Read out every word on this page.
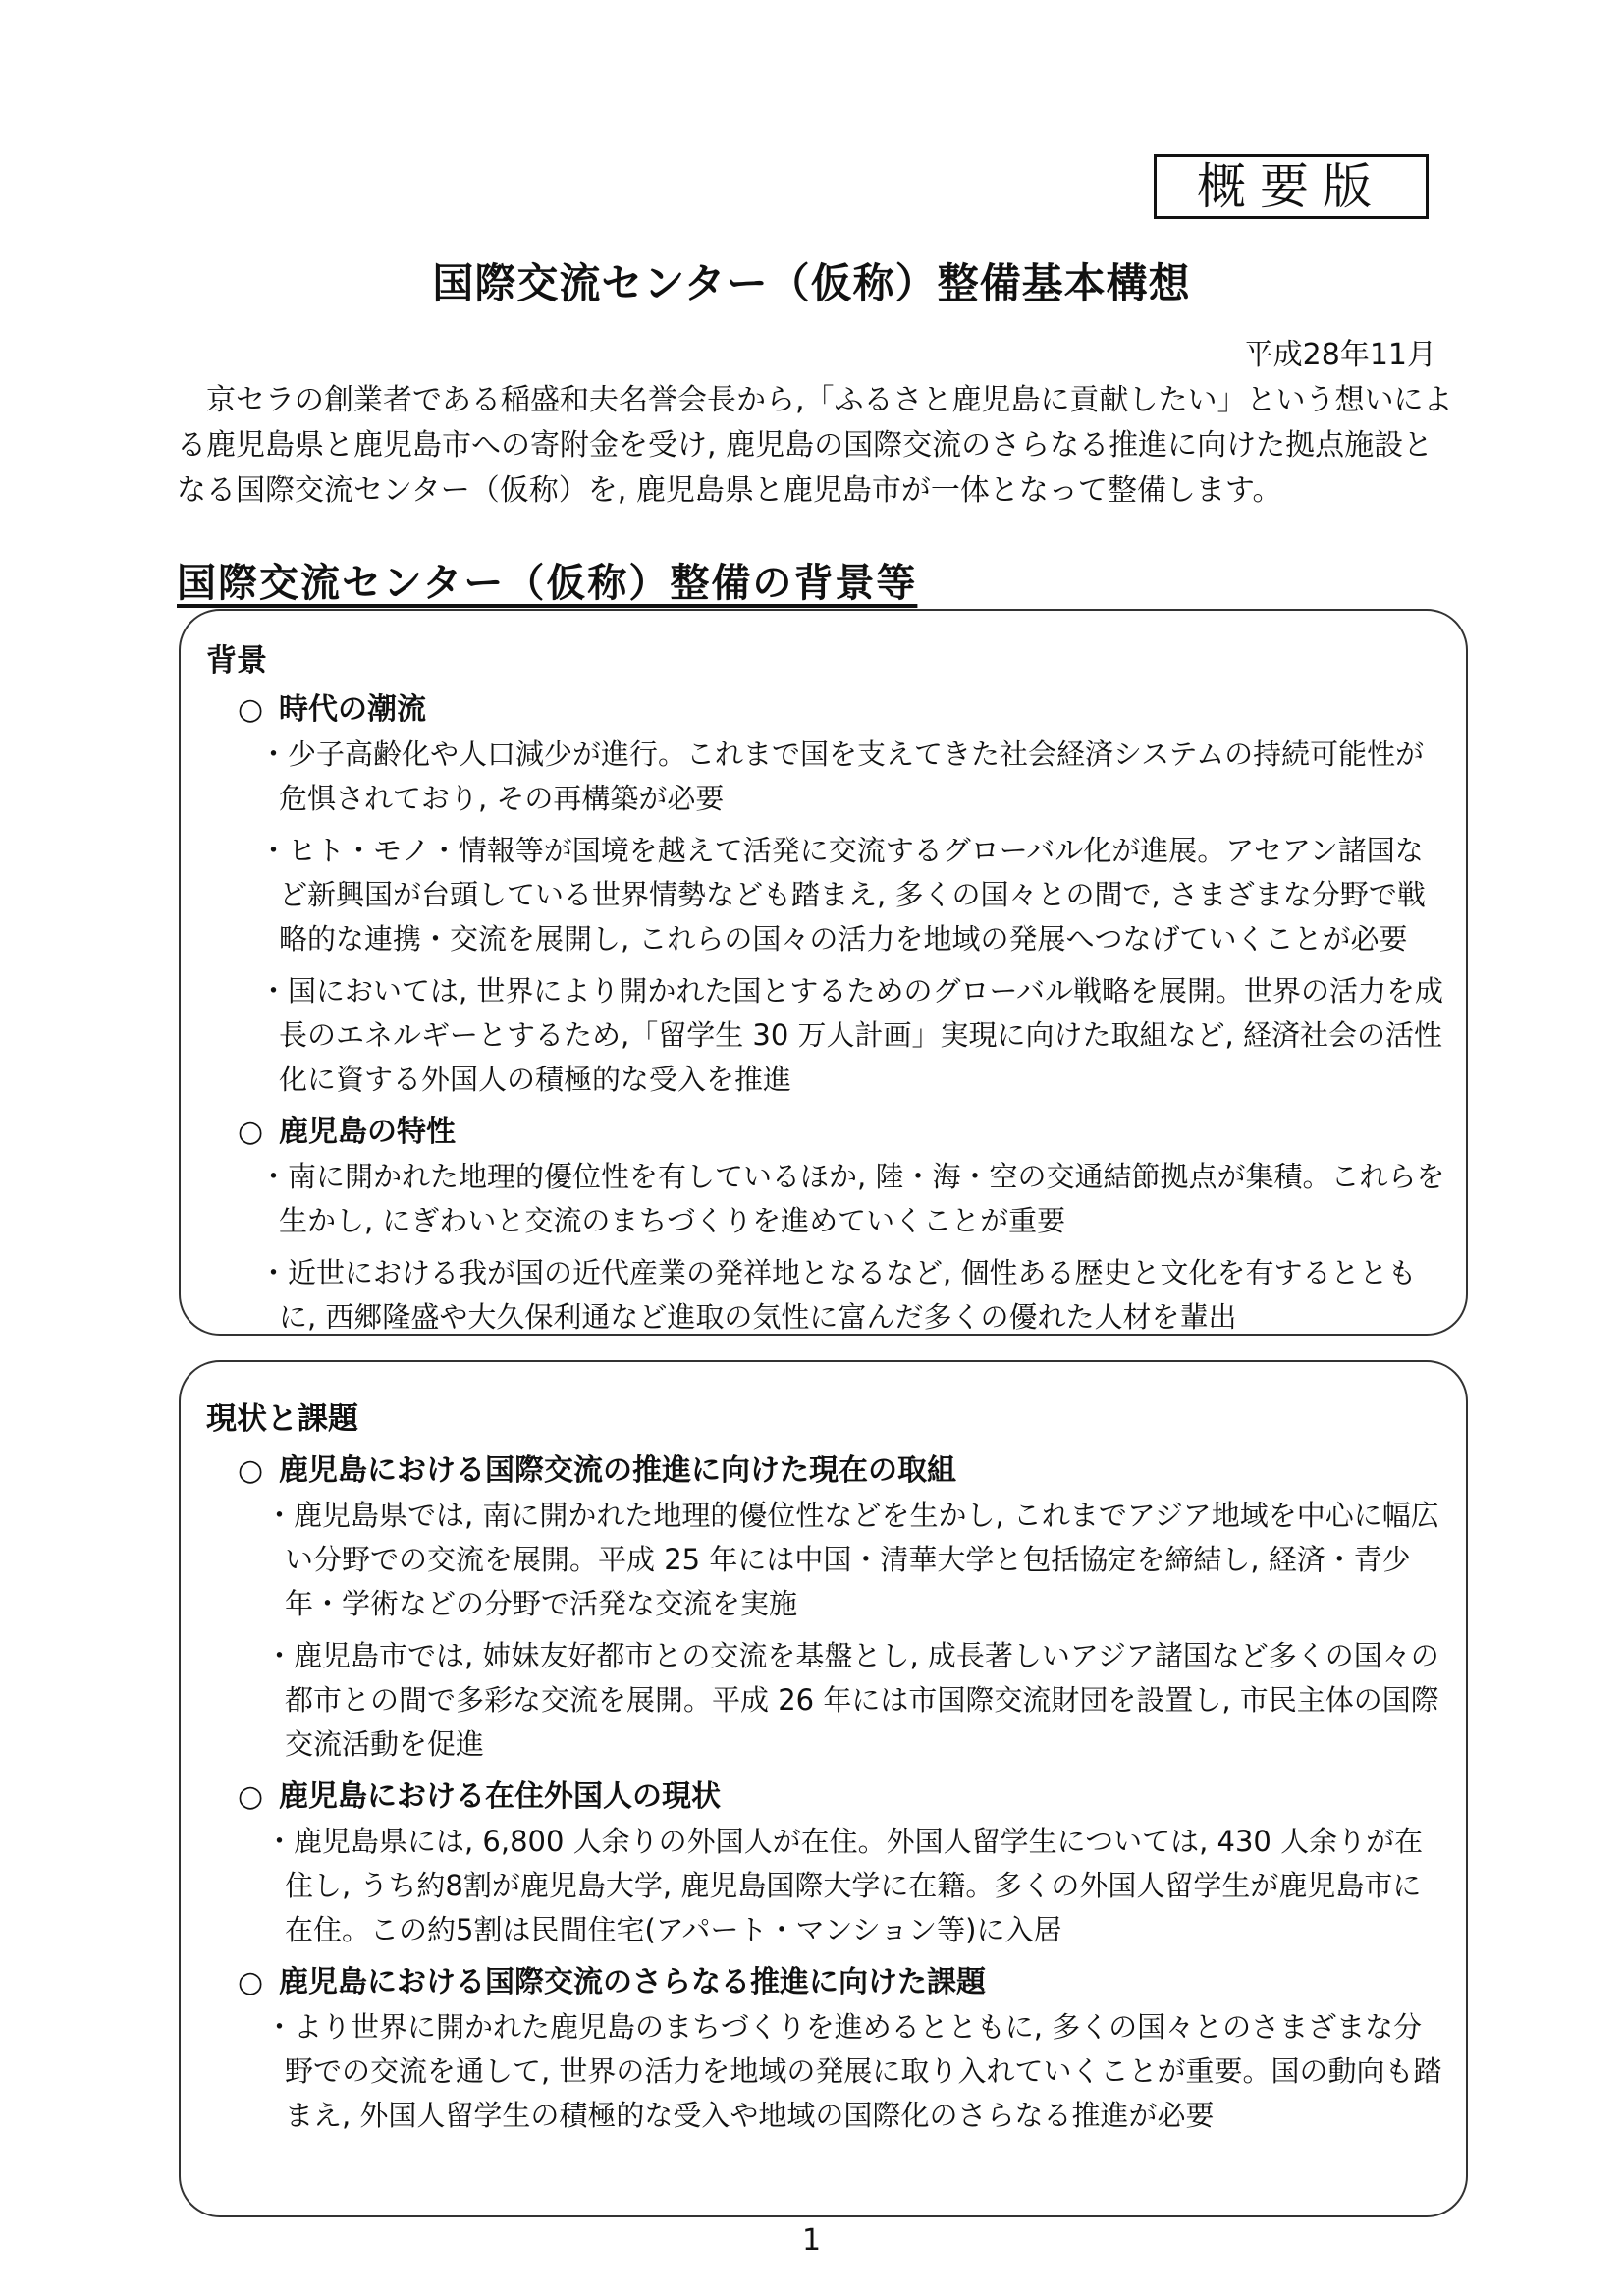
概要版
国際交流センター（仮称）整備基本構想
平成28年11月
京セラの創業者である稲盛和夫名誉会長から,「ふるさと鹿児島に貢献したい」という想いによる鹿児島県と鹿児島市への寄附金を受け, 鹿児島の国際交流のさらなる推進に向けた拠点施設となる国際交流センター（仮称）を, 鹿児島県と鹿児島市が一体となって整備します。
国際交流センター（仮称）整備の背景等
背景
○ 時代の潮流
・少子高齢化や人口減少が進行。これまで国を支えてきた社会経済システムの持続可能性が危惧されており, その再構築が必要
・ヒト・モノ・情報等が国境を越えて活発に交流するグローバル化が進展。アセアン諸国など新興国が台頭している世界情勢なども踏まえ, 多くの国々との間で, さまざまな分野で戦略的な連携・交流を展開し, これらの国々の活力を地域の発展へつなげていくことが必要
・国においては, 世界により開かれた国とするためのグローバル戦略を展開。世界の活力を成長のエネルギーとするため,「留学生 30 万人計画」実現に向けた取組など, 経済社会の活性化に資する外国人の積極的な受入を推進
○ 鹿児島の特性
・南に開かれた地理的優位性を有しているほか, 陸・海・空の交通結節拠点が集積。これらを生かし, にぎわいと交流のまちづくりを進めていくことが重要
・近世における我が国の近代産業の発祥地となるなど, 個性ある歴史と文化を有するとともに, 西郷隆盛や大久保利通など進取の気性に富んだ多くの優れた人材を輩出
現状と課題
○ 鹿児島における国際交流の推進に向けた現在の取組
・鹿児島県では, 南に開かれた地理的優位性などを生かし, これまでアジア地域を中心に幅広い分野での交流を展開。平成 25 年には中国・清華大学と包括協定を締結し, 経済・青少年・学術などの分野で活発な交流を実施
・鹿児島市では, 姉妹友好都市との交流を基盤とし, 成長著しいアジア諸国など多くの国々の都市との間で多彩な交流を展開。平成 26 年には市国際交流財団を設置し, 市民主体の国際交流活動を促進
○ 鹿児島における在住外国人の現状
・鹿児島県には, 6,800 人余りの外国人が在住。外国人留学生については, 430 人余りが在住し, うち約8割が鹿児島大学, 鹿児島国際大学に在籍。多くの外国人留学生が鹿児島市に在住。この約5割は民間住宅(アパート・マンション等)に入居
○ 鹿児島における国際交流のさらなる推進に向けた課題
・より世界に開かれた鹿児島のまちづくりを進めるとともに, 多くの国々とのさまざまな分野での交流を通して, 世界の活力を地域の発展に取り入れていくことが重要。国の動向も踏まえ, 外国人留学生の積極的な受入や地域の国際化のさらなる推進が必要
1
